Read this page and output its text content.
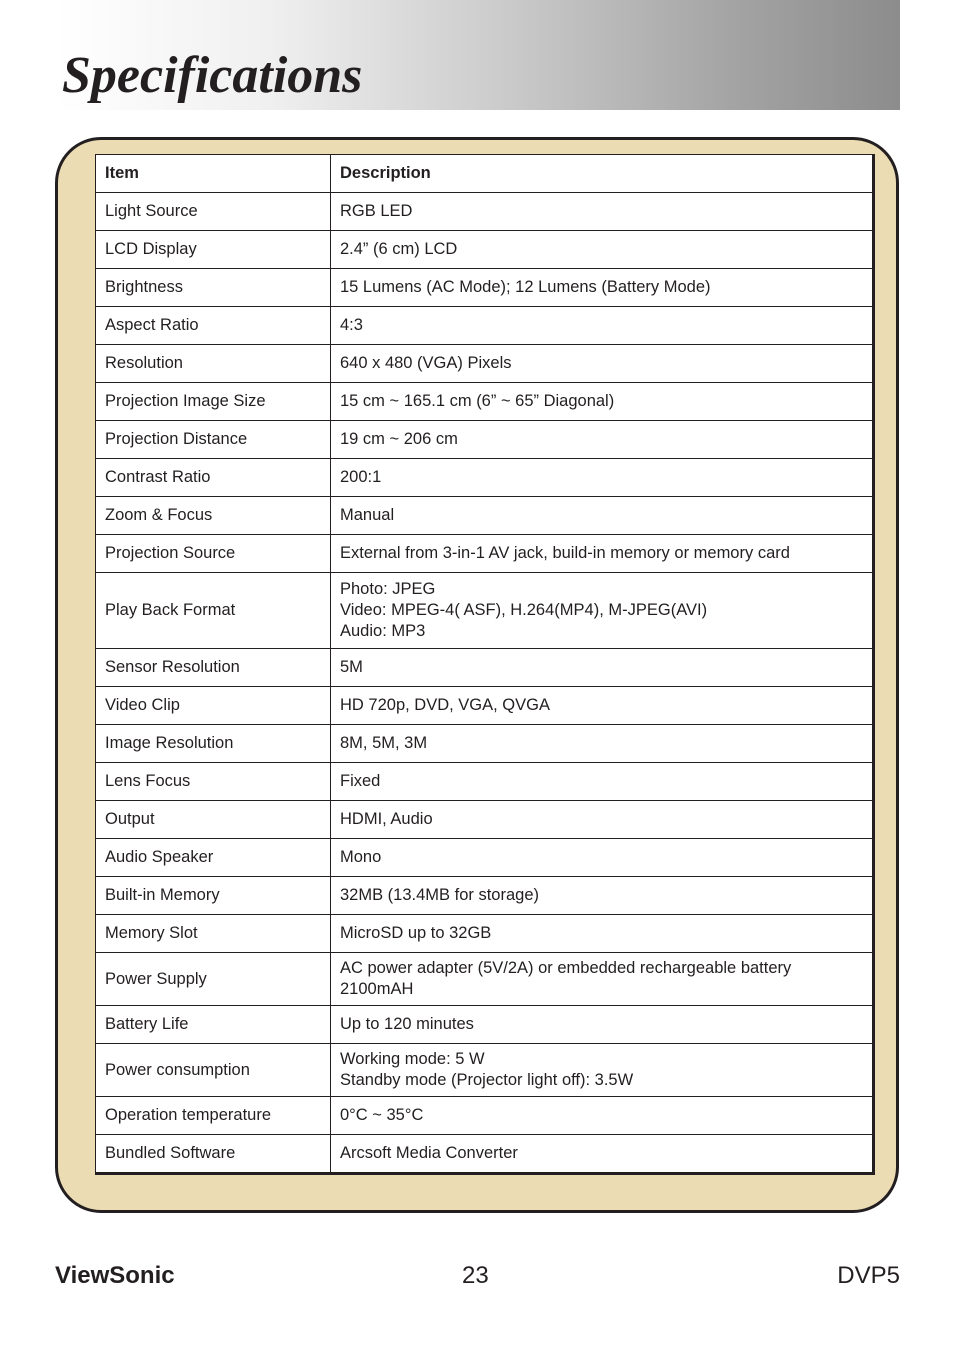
Specifications
Item	Description
Light Source	RGB LED

LCD Display	2.4” (6 cm) LCD

Brightness	15 Lumens (AC Mode); 12 Lumens (Battery Mode)

Aspect Ratio	4:3

Resolution	640 x 480 (VGA) Pixels

Projection Image Size	15 cm ~ 165.1 cm (6” ~ 65” Diagonal)

Projection Distance	19 cm ~ 206 cm

Contrast Ratio	200:1

Zoom & Focus	Manual

Projection Source	External from 3-in-1 AV jack, build-in memory or memory card

Play Back Format	Photo: JPEG
Video: MPEG-4( ASF), H.264(MP4), M-JPEG(AVI)
Audio: MP3

Sensor Resolution	5M

Video Clip	HD 720p, DVD, VGA, QVGA

Image Resolution	8M, 5M, 3M

Lens Focus	Fixed

Output	HDMI, Audio

Audio Speaker	Mono

Built-in Memory	32MB (13.4MB for storage)

Memory Slot	MicroSD up to 32GB

Power Supply	AC power adapter (5V/2A) or embedded rechargeable battery
2100mAH

Battery Life	Up to 120 minutes

Power consumption	Working mode: 5 W
Standby mode (Projector light off): 3.5W

Operation temperature	0°C ~ 35°C

Bundled Software	Arcsoft Media Converter
ViewSonic	23	DVP5
